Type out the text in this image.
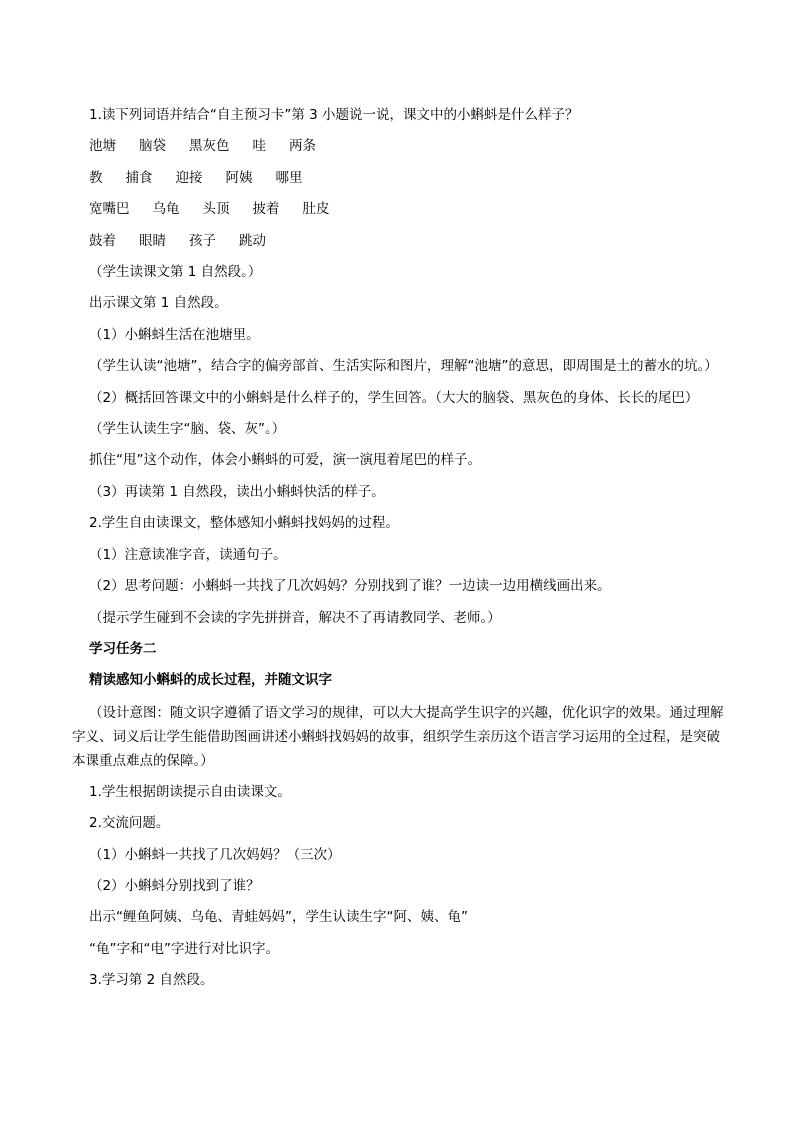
1.读下列词语并结合“自主预习卡”第 3 小题说一说，课文中的小蝌蚪是什么样子？

池塘 脑袋 黑灰色 哇 两条
教 捕食 迎接 阿姨 哪里
宽嘴巴 乌龟 头顶 披着 肚皮
鼓着 眼睛 孩子 跳动

（学生读课文第 1 自然段。）

出示课文第 1 自然段。

（1）小蝌蚪生活在池塘里。

（学生认读“池塘”，结合字的偏旁部首、生活实际和图片，理解“池塘”的意思，即周围是土的蓄水的坑。）

（2）概括回答课文中的小蝌蚪是什么样子的，学生回答。（大大的脑袋、黑灰色的身体、长长的尾巴）

（学生认读生字“脑、袋、灰”。）

抓住“甩”这个动作，体会小蝌蚪的可爱，演一演甩着尾巴的样子。

（3）再读第 1 自然段，读出小蝌蚪快活的样子。

2.学生自由读课文，整体感知小蝌蚪找妈妈的过程。

（1）注意读准字音，读通句子。

（2）思考问题：小蝌蚪一共找了几次妈妈？分别找到了谁？一边读一边用横线画出来。

（提示学生碰到不会读的字先拼拼音，解决不了再请教同学、老师。）

学习任务二

精读感知小蝌蚪的成长过程，并随文识字

（设计意图：随文识字遵循了语文学习的规律，可以大大提高学生识字的兴趣，优化识字的效果。通过理解字义、词义后让学生能借助图画讲述小蝌蚪找妈妈的故事，组织学生亲历这个语言学习运用的全过程，是突破本课重点难点的保障。）

1.学生根据朗读提示自由读课文。

2.交流问题。

（1）小蝌蚪一共找了几次妈妈？（三次）

（2）小蝌蚪分别找到了谁？

出示“鲤鱼阿姨、乌龟、青蛙妈妈”，学生认读生字“阿、姨、龟”

“龟”字和“电”字进行对比识字。

3.学习第 2 自然段。
